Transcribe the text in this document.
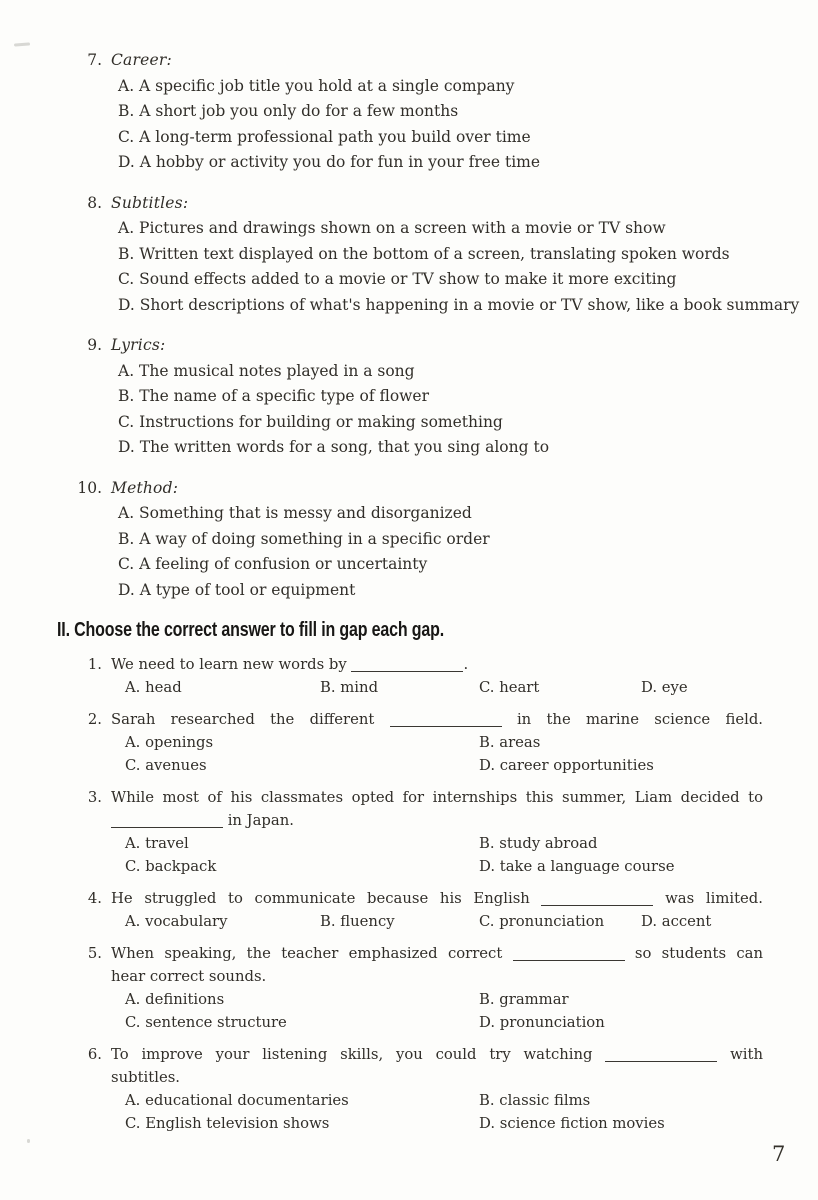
7. Career:
A. A specific job title you hold at a single company
B. A short job you only do for a few months
C. A long-term professional path you build over time
D. A hobby or activity you do for fun in your free time
8. Subtitles:
A. Pictures and drawings shown on a screen with a movie or TV show
B. Written text displayed on the bottom of a screen, translating spoken words
C. Sound effects added to a movie or TV show to make it more exciting
D. Short descriptions of what's happening in a movie or TV show, like a book summary
9. Lyrics:
A. The musical notes played in a song
B. The name of a specific type of flower
C. Instructions for building or making something
D. The written words for a song, that you sing along to
10. Method:
A. Something that is messy and disorganized
B. A way of doing something in a specific order
C. A feeling of confusion or uncertainty
D. A type of tool or equipment
II. Choose the correct answer to fill in gap each gap.
1. We need to learn new words by	.
A. head	B. mind	C. heart	D. eye
2. Sarah researched the different	in the marine science field.
A. openings	B. areas
C. avenues	D. career opportunities
3. While most of his classmates opted for internships this summer, Liam decided to
in Japan.
A. travel	B. study abroad
C. backpack	D. take a language course
4. He struggled to communicate because his English	was limited.
A. vocabulary	B. fluency	C. pronunciation	D. accent
5. When speaking, the teacher emphasized correct	so students can
hear correct sounds.
A. definitions	B. grammar
C. sentence structure	D. pronunciation
6. To improve your listening skills, you could try watching	with
subtitles.
A. educational documentaries	B. classic films
C. English television shows	D. science fiction movies
7
